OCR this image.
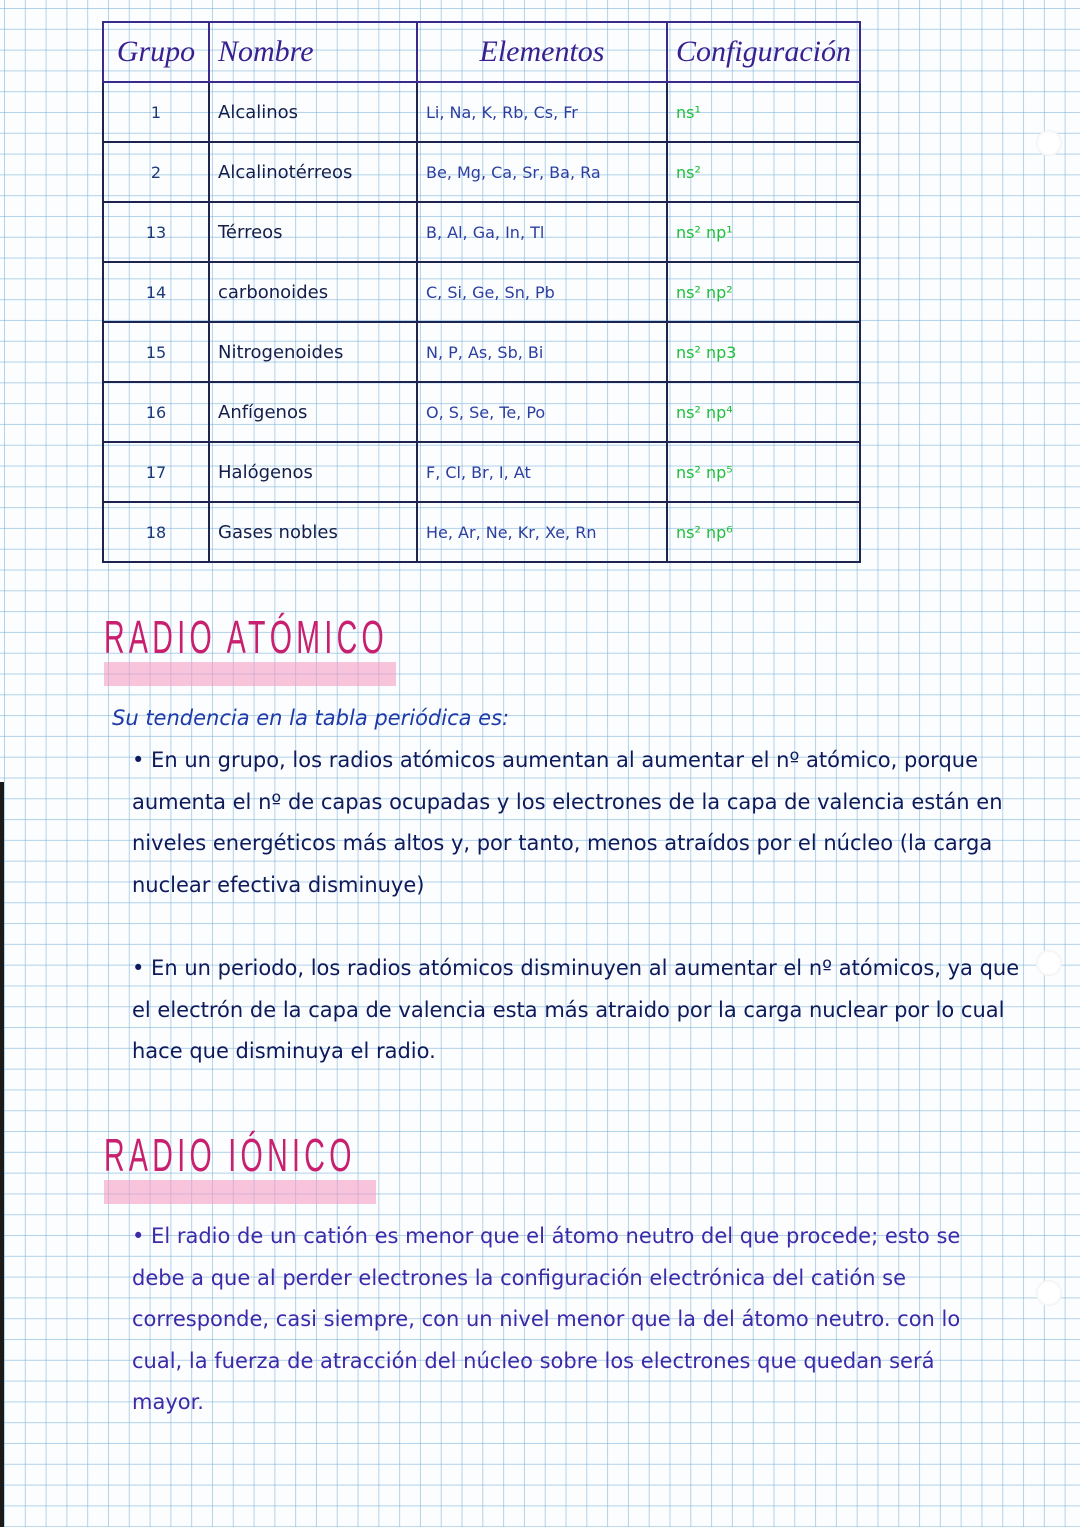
Grupo	Nombre	Elementos	Configuración
1	Alcalinos	Li, Na, K, Rb, Cs, Fr	ns¹
2	Alcalinotérreos	Be, Mg, Ca, Sr, Ba, Ra	ns²
13	Térreos	B, Al, Ga, In, Tl	ns² np¹
14	carbonoides	C, Si, Ge, Sn, Pb	ns² np²
15	Nitrogenoides	N, P, As, Sb, Bi	ns² np3
16	Anfígenos	O, S, Se, Te, Po	ns² np⁴
17	Halógenos	F, Cl, Br, I, At	ns² np⁵
18	Gases nobles	He, Ar, Ne, Kr, Xe, Rn	ns² np⁶
RADIO ATÓMICO

Su tendencia en la tabla periódica es:

• En un grupo, los radios atómicos aumentan al aumentar el nº atómico, porque aumenta el nº de capas ocupadas y los electrones de la capa de valencia están en niveles energéticos más altos y, por tanto, menos atraídos por el núcleo (la carga nuclear efectiva disminuye)

• En un periodo, los radios atómicos disminuyen al aumentar el nº atómicos, ya que el electrón de la capa de valencia esta más atraido por la carga nuclear por lo cual hace que disminuya el radio.

RADIO IÓNICO

• El radio de un catión es menor que el átomo neutro del que procede; esto se debe a que al perder electrones la configuración electrónica del catión se corresponde, casi siempre, con un nivel menor que la del átomo neutro. con lo cual, la fuerza de atracción del núcleo sobre los electrones que quedan será mayor.
